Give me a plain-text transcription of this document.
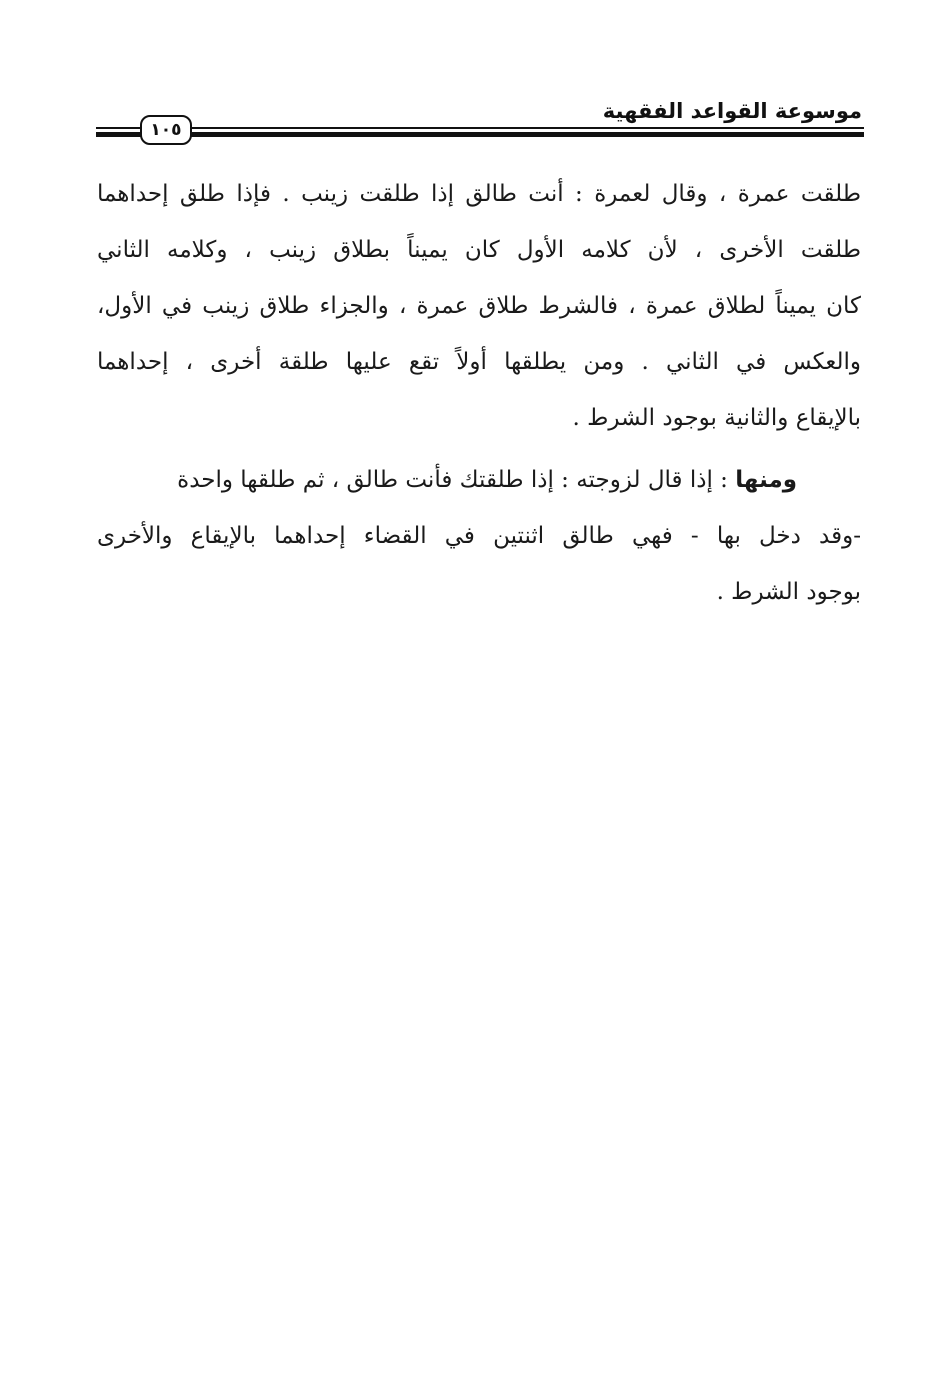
موسوعة القواعد الفقهية
١٠٥
طلقت عمرة ، وقال لعمرة : أنت طالق إذا طلقت زينب . فإذا طلق إحداهما
طلقت الأخرى ، لأن كلامه الأول كان يميناً بطلاق زينب ، وكلامه الثاني
كان يميناً لطلاق عمرة ، فالشرط طلاق عمرة ، والجزاء طلاق زينب في الأول،
والعكس في الثاني . ومن يطلقها أولاً تقع عليها طلقة أخرى ، إحداهما
بالإيقاع والثانية بوجود الشرط .
ومنها : إذا قال لزوجته : إذا طلقتك فأنت طالق ، ثم طلقها واحدة
-وقد دخل بها - فهي طالق اثنتين في القضاء إحداهما بالإيقاع والأخرى
بوجود الشرط .
